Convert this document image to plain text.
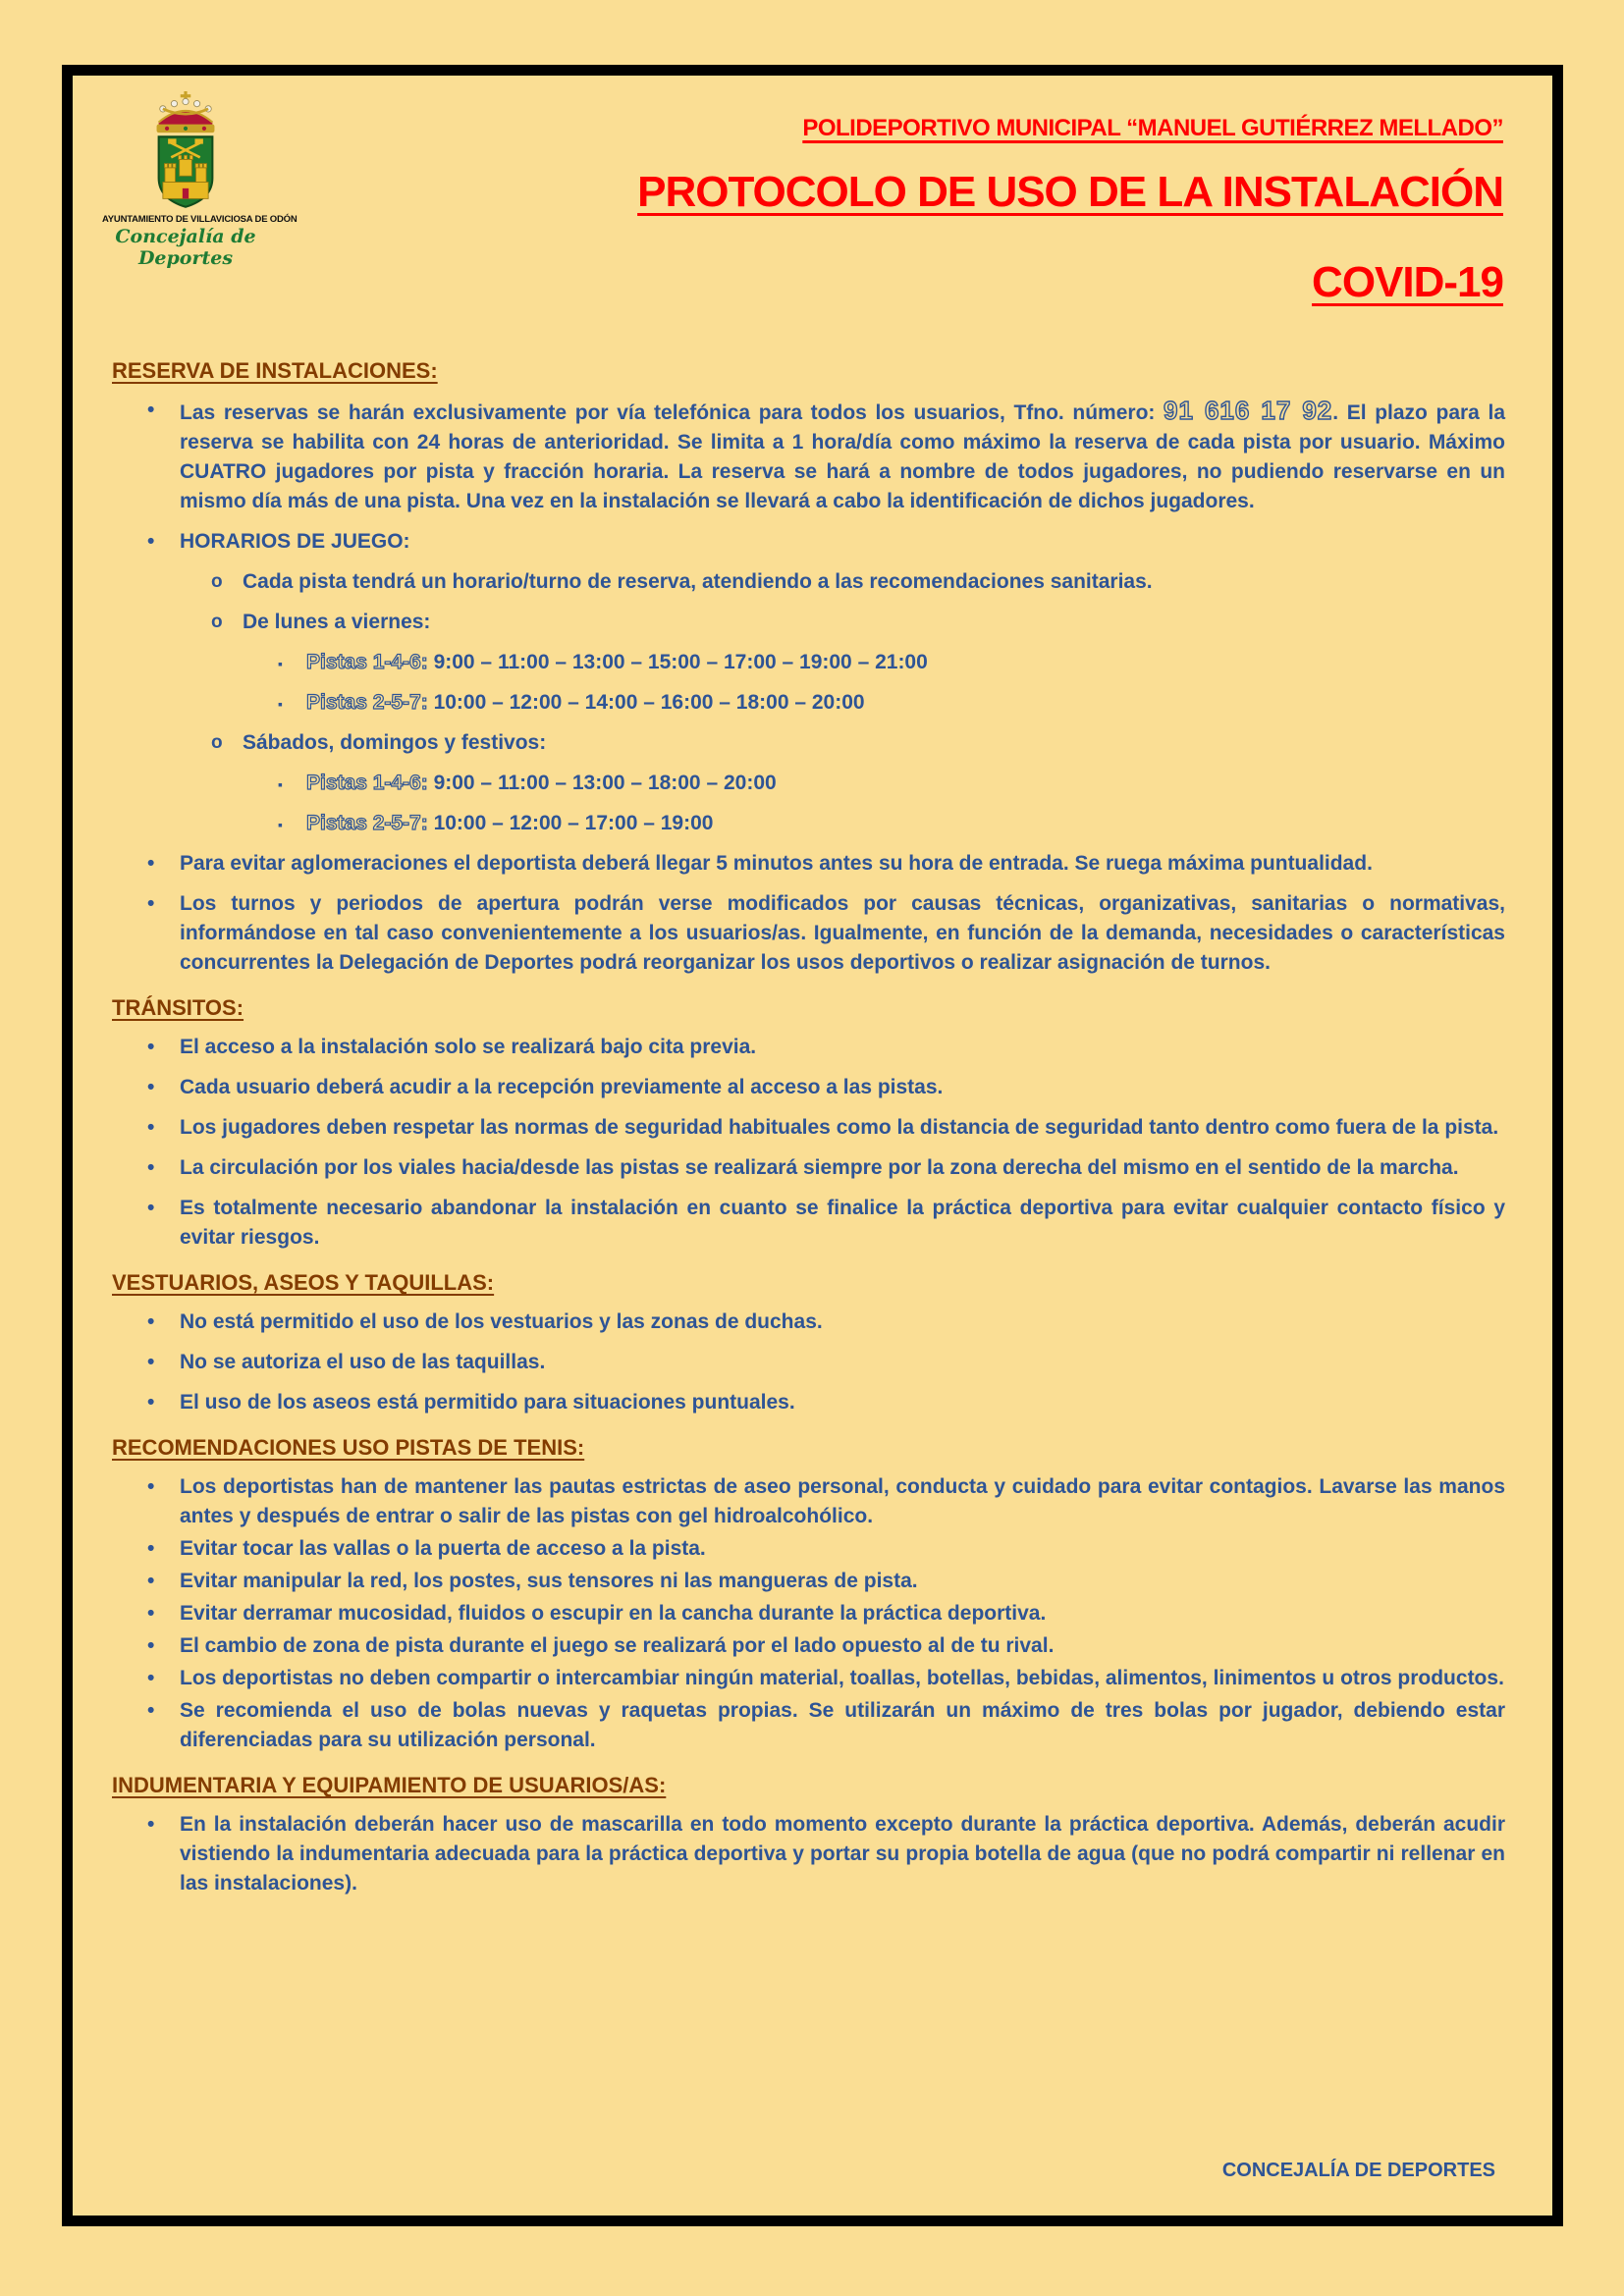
AYUNTAMIENTO DE VILLAVICIOSA DE ODÓN
Concejalía de Deportes
POLIDEPORTIVO MUNICIPAL “MANUEL GUTIÉRREZ MELLADO”
PROTOCOLO DE USO DE LA INSTALACIÓN
COVID-19
RESERVA DE INSTALACIONES:
• Las reservas se harán exclusivamente por vía telefónica para todos los usuarios, Tfno. número: 91 616 17 92. El plazo para la reserva se habilita con 24 horas de anterioridad. Se limita a 1 hora/día como máximo la reserva de cada pista por usuario. Máximo CUATRO jugadores por pista y fracción horaria. La reserva se hará a nombre de todos jugadores, no pudiendo reservarse en un mismo día más de una pista. Una vez en la instalación se llevará a cabo la identificación de dichos jugadores.
• HORARIOS DE JUEGO:
o Cada pista tendrá un horario/turno de reserva, atendiendo a las recomendaciones sanitarias.
o De lunes a viernes:
▪ Pistas 1-4-6: 9:00 – 11:00 – 13:00 – 15:00 – 17:00 – 19:00 – 21:00
▪ Pistas 2-5-7: 10:00 – 12:00 – 14:00 – 16:00 – 18:00 – 20:00
o Sábados, domingos y festivos:
▪ Pistas 1-4-6: 9:00 – 11:00 – 13:00 – 18:00 – 20:00
▪ Pistas 2-5-7: 10:00 – 12:00 – 17:00 – 19:00
• Para evitar aglomeraciones el deportista deberá llegar 5 minutos antes su hora de entrada. Se ruega máxima puntualidad.
• Los turnos y periodos de apertura podrán verse modificados por causas técnicas, organizativas, sanitarias o normativas, informándose en tal caso convenientemente a los usuarios/as. Igualmente, en función de la demanda, necesidades o características concurrentes la Delegación de Deportes podrá reorganizar los usos deportivos o realizar asignación de turnos.
TRÁNSITOS:
• El acceso a la instalación solo se realizará bajo cita previa.
• Cada usuario deberá acudir a la recepción previamente al acceso a las pistas.
• Los jugadores deben respetar las normas de seguridad habituales como la distancia de seguridad tanto dentro como fuera de la pista.
• La circulación por los viales hacia/desde las pistas se realizará siempre por la zona derecha del mismo en el sentido de la marcha.
• Es totalmente necesario abandonar la instalación en cuanto se finalice la práctica deportiva para evitar cualquier contacto físico y evitar riesgos.
VESTUARIOS, ASEOS Y TAQUILLAS:
• No está permitido el uso de los vestuarios y las zonas de duchas.
• No se autoriza el uso de las taquillas.
• El uso de los aseos está permitido para situaciones puntuales.
RECOMENDACIONES USO PISTAS DE TENIS:
• Los deportistas han de mantener las pautas estrictas de aseo personal, conducta y cuidado para evitar contagios. Lavarse las manos antes y después de entrar o salir de las pistas con gel hidroalcohólico.
• Evitar tocar las vallas o la puerta de acceso a la pista.
• Evitar manipular la red, los postes, sus tensores ni las mangueras de pista.
• Evitar derramar mucosidad, fluidos o escupir en la cancha durante la práctica deportiva.
• El cambio de zona de pista durante el juego se realizará por el lado opuesto al de tu rival.
• Los deportistas no deben compartir o intercambiar ningún material, toallas, botellas, bebidas, alimentos, linimentos u otros productos.
• Se recomienda el uso de bolas nuevas y raquetas propias. Se utilizarán un máximo de tres bolas por jugador, debiendo estar diferenciadas para su utilización personal.
INDUMENTARIA Y EQUIPAMIENTO DE USUARIOS/AS:
• En la instalación deberán hacer uso de mascarilla en todo momento excepto durante la práctica deportiva. Además, deberán acudir vistiendo la indumentaria adecuada para la práctica deportiva y portar su propia botella de agua (que no podrá compartir ni rellenar en las instalaciones).
CONCEJALÍA DE DEPORTES
